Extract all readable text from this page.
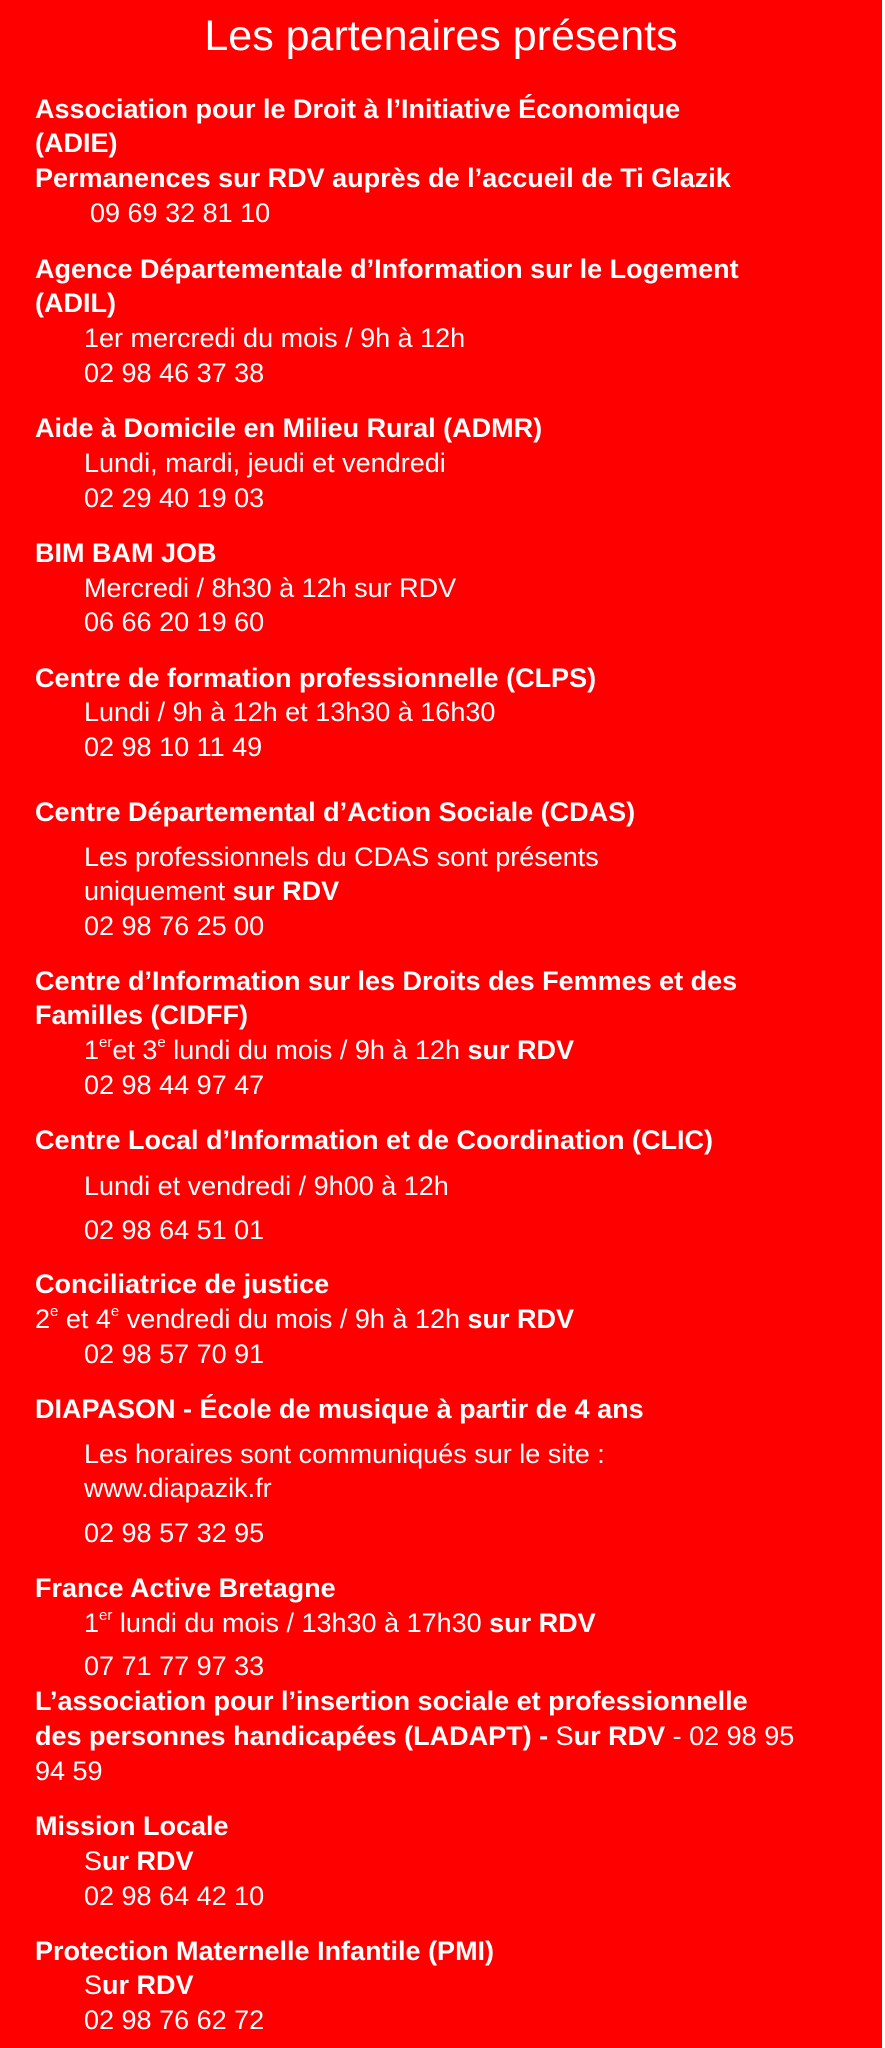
Les partenaires présents
Association pour le Droit à l’Initiative Économique
(ADIE)
Permanences sur RDV auprès de l’accueil de Ti Glazik
09 69 32 81 10
Agence Départementale d’Information sur le Logement
(ADIL)
1er mercredi du mois / 9h à 12h
02 98 46 37 38
Aide à Domicile en Milieu Rural (ADMR)
Lundi, mardi, jeudi et vendredi
02 29 40 19 03
BIM BAM JOB
Mercredi / 8h30 à 12h sur RDV
06 66 20 19 60
Centre de formation professionnelle (CLPS)
Lundi / 9h à 12h et 13h30 à 16h30
02 98 10 11 49
Centre Départemental d’Action Sociale (CDAS)
Les professionnels du CDAS sont présents
uniquement sur RDV
02 98 76 25 00
Centre d’Information sur les Droits des Femmes et des
Familles (CIDFF)
1eret 3e lundi du mois / 9h à 12h sur RDV
02 98 44 97 47
Centre Local d’Information et de Coordination (CLIC)
Lundi et vendredi / 9h00 à 12h
02 98 64 51 01
Conciliatrice de justice
2e et 4e vendredi du mois / 9h à 12h sur RDV
02 98 57 70 91
DIAPASON - École de musique à partir de 4 ans
Les horaires sont communiqués sur le site :
www.diapazik.fr
02 98 57 32 95
France Active Bretagne
1er lundi du mois / 13h30 à 17h30 sur RDV
07 71 77 97 33
L’association pour l’insertion sociale et professionnelle
des personnes handicapées (LADAPT) - Sur RDV - 02 98 95
94 59
Mission Locale
Sur RDV
02 98 64 42 10
Protection Maternelle Infantile (PMI)
Sur RDV
02 98 76 62 72
